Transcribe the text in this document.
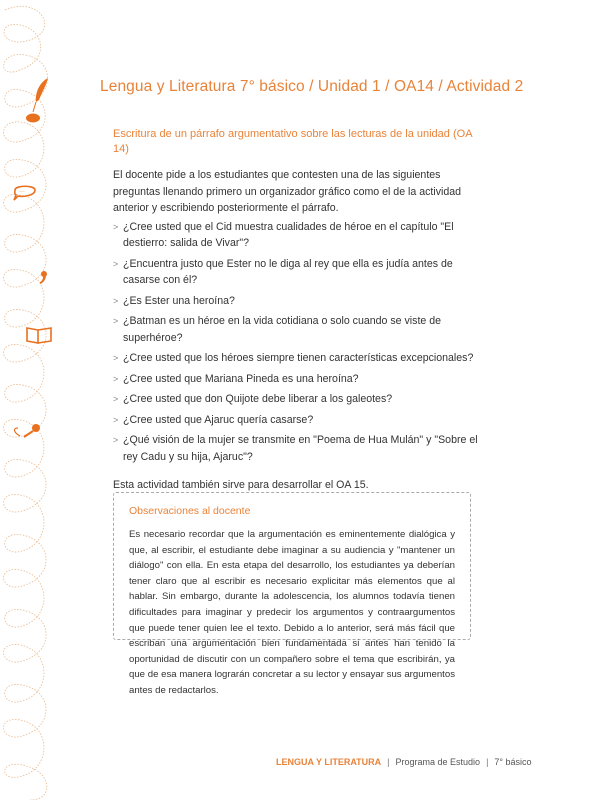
···
Lengua y Literatura 7° básico / Unidad 1 / OA14 / Actividad 2
Escritura de un párrafo argumentativo sobre las lecturas de la unidad (OA 14)

El docente pide a los estudiantes que contesten una de las siguientes preguntas llenando primero un organizador gráfico como el de la actividad anterior y escribiendo posteriormente el párrafo.

> ¿Cree usted que el Cid muestra cualidades de héroe en el capítulo "El destierro: salida de Vivar"?
> ¿Encuentra justo que Ester no le diga al rey que ella es judía antes de casarse con él?
> ¿Es Ester una heroína?
> ¿Batman es un héroe en la vida cotidiana o solo cuando se viste de superhéroe?
> ¿Cree usted que los héroes siempre tienen características excepcionales?
> ¿Cree usted que Mariana Pineda es una heroína?
> ¿Cree usted que don Quijote debe liberar a los galeotes?
> ¿Cree usted que Ajaruc quería casarse?
> ¿Qué visión de la mujer se transmite en "Poema de Hua Mulán" y "Sobre el rey Cadu y su hija, Ajaruc"?

Esta actividad también sirve para desarrollar el OA 15.

Observaciones al docente
Es necesario recordar que la argumentación es eminentemente dialógica y que, al escribir, el estudiante debe imaginar a su audiencia y "mantener un diálogo" con ella. En esta etapa del desarrollo, los estudiantes ya deberían tener claro que al escribir es necesario explicitar más elementos que al hablar. Sin embargo, durante la adolescencia, los alumnos todavía tienen dificultades para imaginar y predecir los argumentos y contraargumentos que puede tener quien lee el texto. Debido a lo anterior, será más fácil que escriban una argumentación bien fundamentada si antes han tenido la oportunidad de discutir con un compañero sobre el tema que escribirán, ya que de esa manera lograrán concretar a su lector y ensayar sus argumentos antes de redactarlos.
LENGUA Y LITERATURA | Programa de Estudio | 7° básico
